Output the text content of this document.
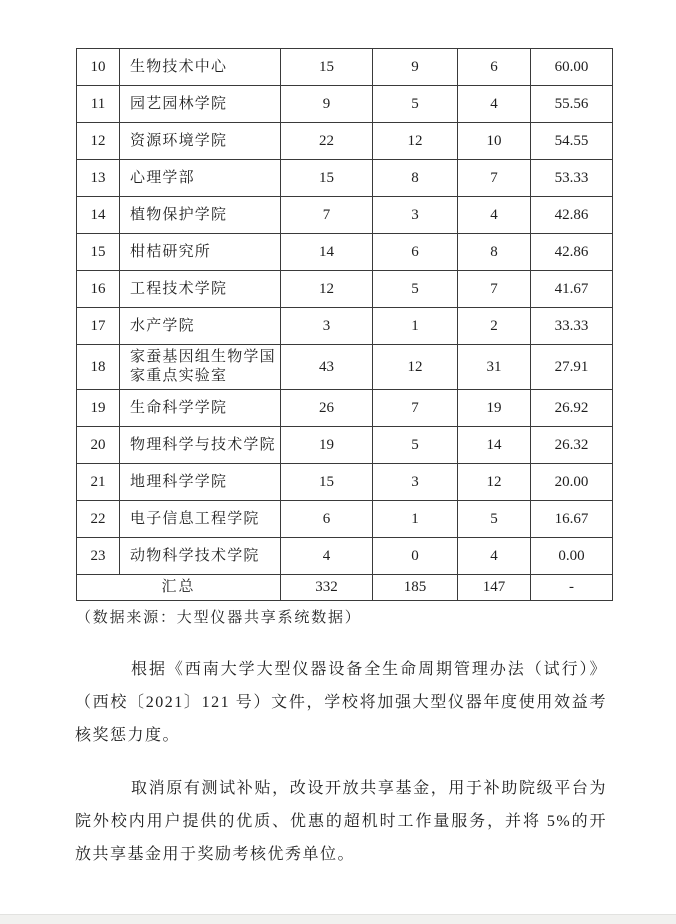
10	生物技术中心	15	9	6	60.00
11	园艺园林学院	9	5	4	55.56
12	资源环境学院	22	12	10	54.55
13	心理学部	15	8	7	53.33
14	植物保护学院	7	3	4	42.86
15	柑桔研究所	14	6	8	42.86
16	工程技术学院	12	5	7	41.67
17	水产学院	3	1	2	33.33
18	家蚕基因组生物学国家重点实验室	43	12	31	27.91
19	生命科学学院	26	7	19	26.92
20	物理科学与技术学院	19	5	14	26.32
21	地理科学学院	15	3	12	20.00
22	电子信息工程学院	6	1	5	16.67
23	动物科学技术学院	4	0	4	0.00
汇总		332	185	147	-
（数据来源：大型仪器共享系统数据）

根据《西南大学大型仪器设备全生命周期管理办法（试行）》（西校〔2021〕121 号）文件，学校将加强大型仪器年度使用效益考核奖惩力度。

取消原有测试补贴，改设开放共享基金，用于补助院级平台为院外校内用户提供的优质、优惠的超机时工作量服务，并将 5%的开放共享基金用于奖励考核优秀单位。
